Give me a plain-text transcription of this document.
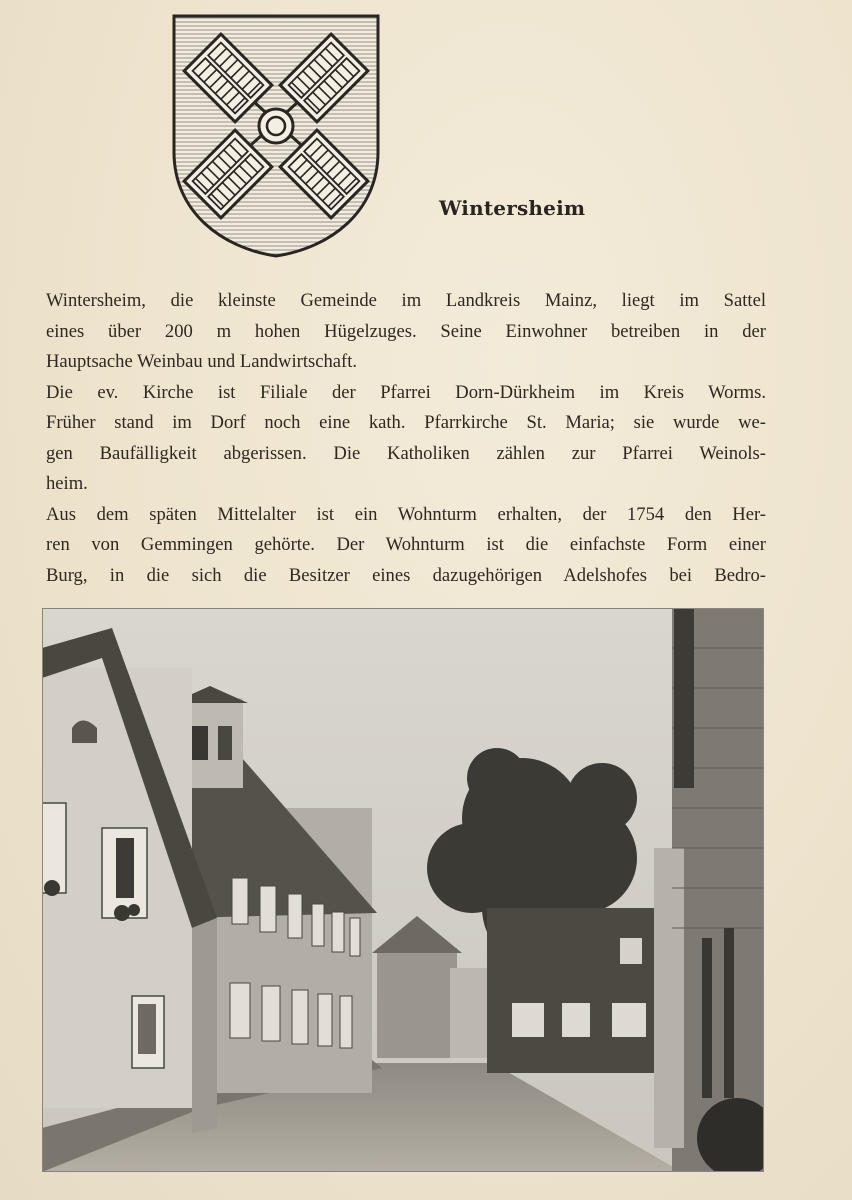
Wintersheim
Wintersheim, die kleinste Gemeinde im Landkreis Mainz, liegt im Sattel
eines über 200 m hohen Hügelzuges. Seine Einwohner betreiben in der
Hauptsache Weinbau und Landwirtschaft.
Die ev. Kirche ist Filiale der Pfarrei Dorn-Dürkheim im Kreis Worms.
Früher stand im Dorf noch eine kath. Pfarrkirche St. Maria; sie wurde we-
gen Baufälligkeit abgerissen. Die Katholiken zählen zur Pfarrei Weinols-
heim.
Aus dem späten Mittelalter ist ein Wohnturm erhalten, der 1754 den Her-
ren von Gemmingen gehörte. Der Wohnturm ist die einfachste Form einer
Burg, in die sich die Besitzer eines dazugehörigen Adelshofes bei Bedro-
